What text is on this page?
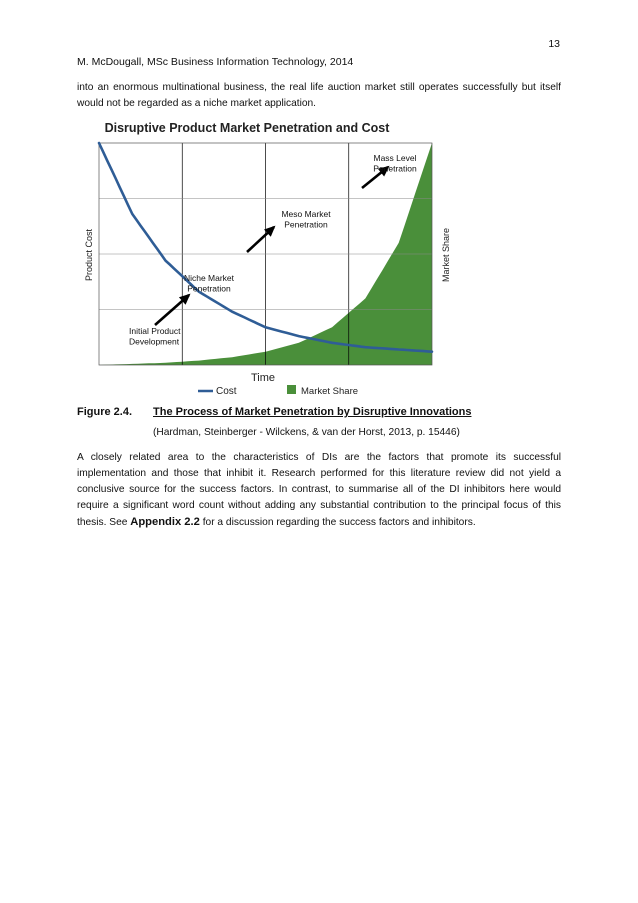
13
M. McDougall, MSc Business Information Technology, 2014

into an enormous multinational business, the real life auction market still operates successfully but itself would not be regarded as a niche market application.

Disruptive Product Market Penetration and Cost
Initial Product Development
Niche Market Penetration
Meso Market Penetration
Mass Level Penetration
Time
Product Cost	Market Share
Cost	Market Share
Figure 2.4. The Process of Market Penetration by Disruptive Innovations
(Hardman, Steinberger - Wilckens, & van der Horst, 2013, p. 15446)

A closely related area to the characteristics of DIs are the factors that promote its successful implementation and those that inhibit it. Research performed for this literature review did not yield a conclusive source for the success factors. In contrast, to summarise all of the DI inhibitors here would require a significant word count without adding any substantial contribution to the principal focus of this thesis. See Appendix 2.2 for a discussion regarding the success factors and inhibitors.
